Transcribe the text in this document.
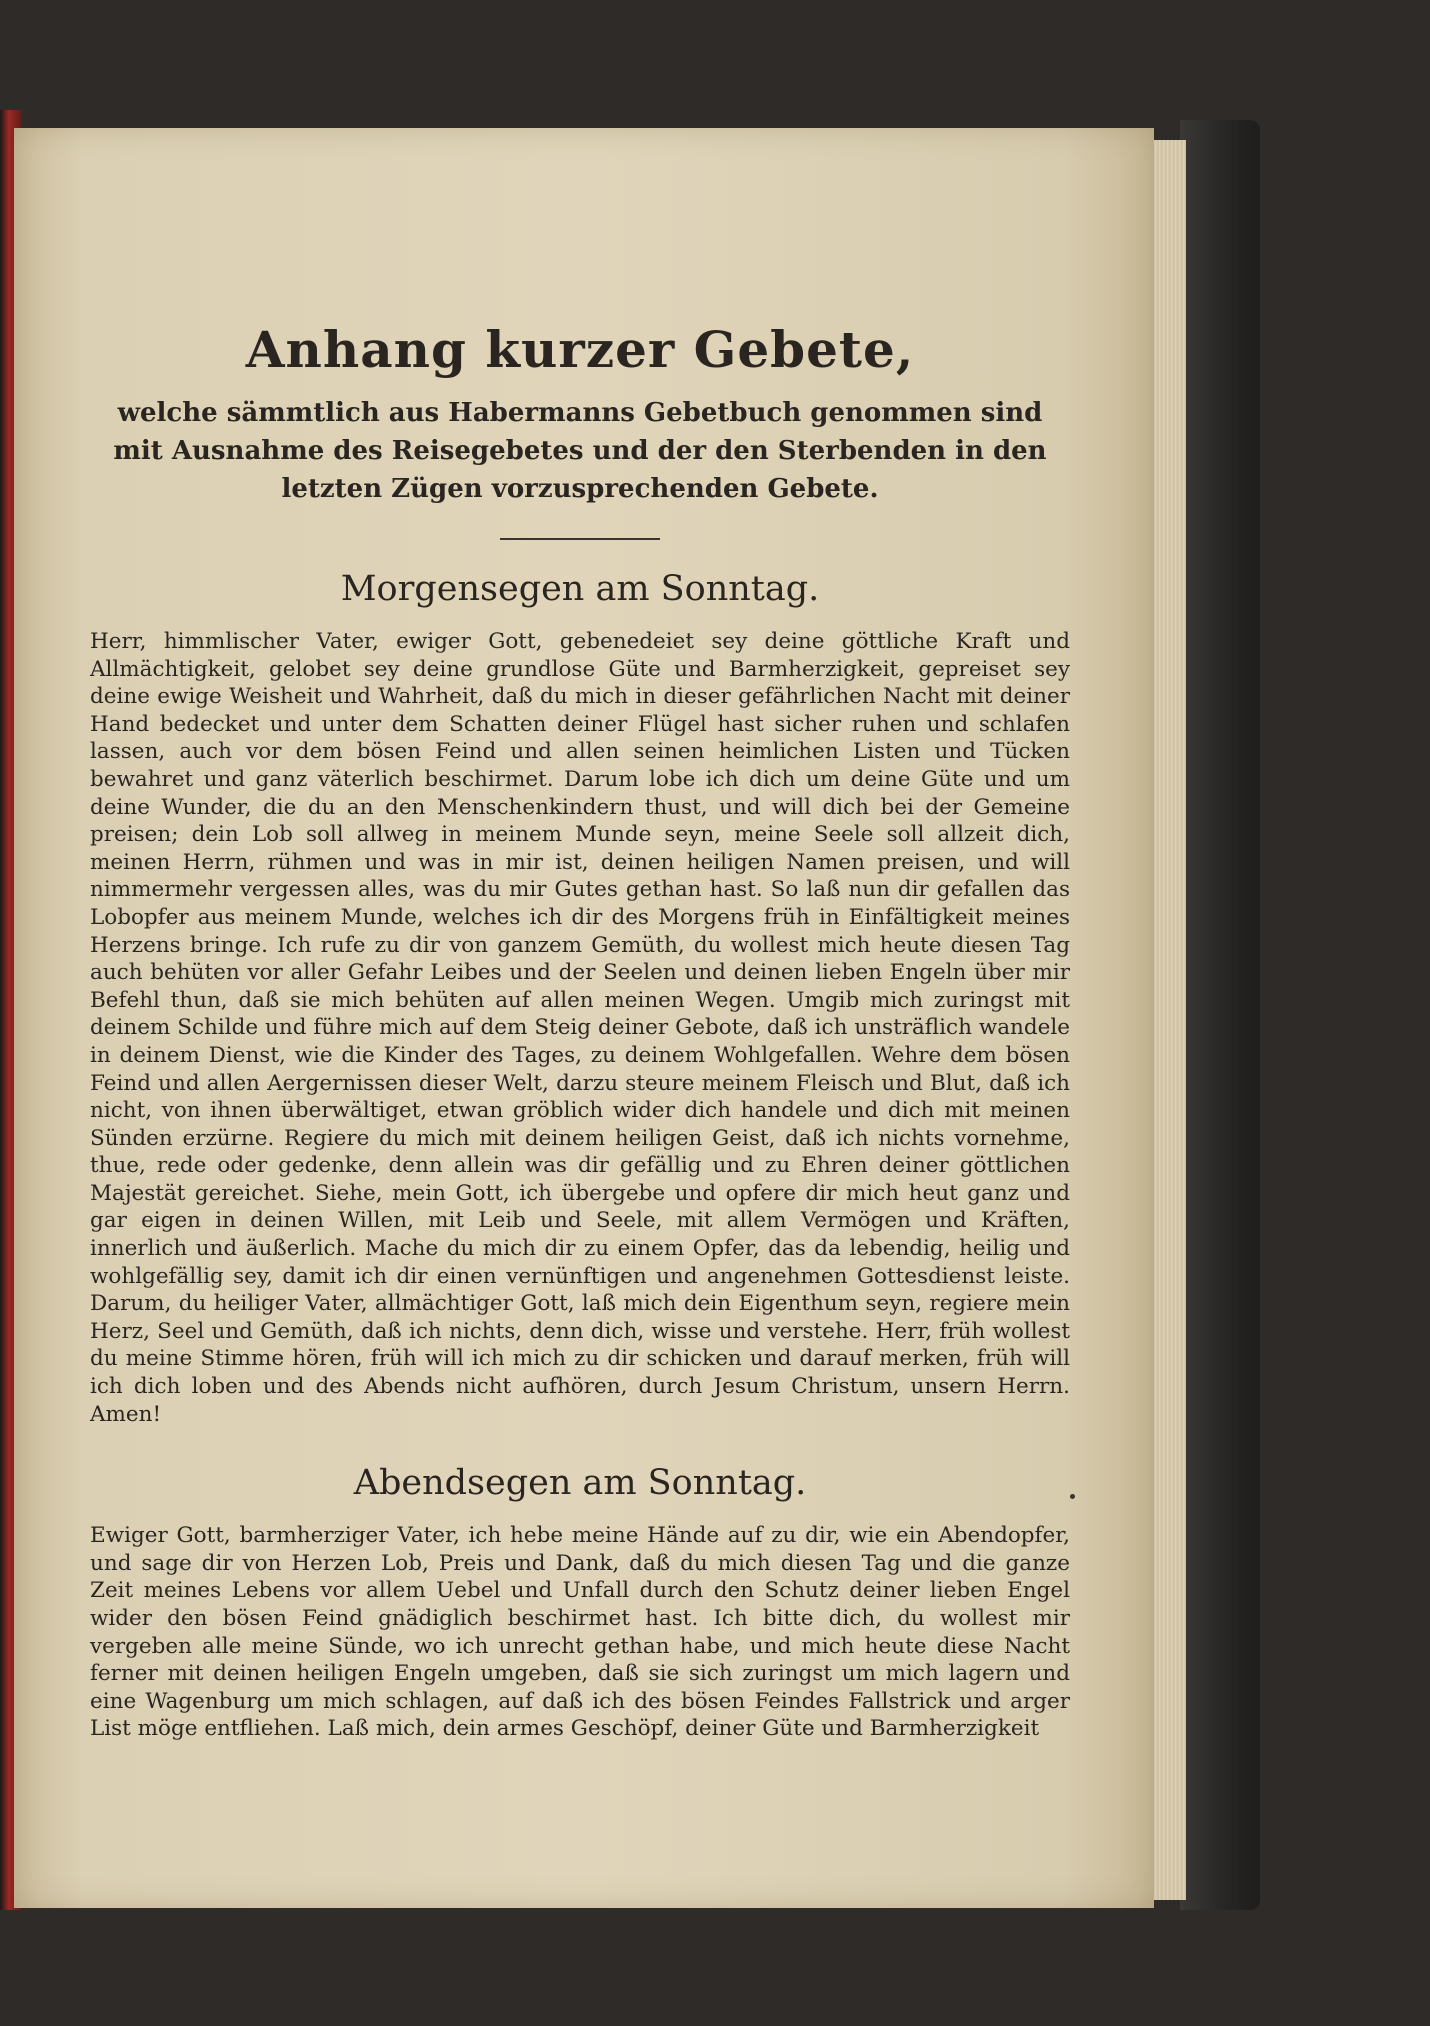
Anhang kurzer Gebete,

welche sämmtlich aus Habermanns Gebetbuch genommen sind mit Ausnahme des Reisegebetes und der den Sterbenden in den letzten Zügen vorzusprechenden Gebete.

Morgensegen am Sonntag.

Herr, himmlischer Vater, ewiger Gott, gebenedeiet sey deine göttliche Kraft und Allmächtigkeit, gelobet sey deine grundlose Güte und Barmherzigkeit, gepreiset sey deine ewige Weisheit und Wahrheit, daß du mich in dieser gefährlichen Nacht mit deiner Hand bedecket und unter dem Schatten deiner Flügel hast sicher ruhen und schlafen lassen, auch vor dem bösen Feind und allen seinen heimlichen Listen und Tücken bewahret und ganz väterlich beschirmet. Darum lobe ich dich um deine Güte und um deine Wunder, die du an den Menschenkindern thust, und will dich bei der Gemeine preisen; dein Lob soll allweg in meinem Munde seyn, meine Seele soll allzeit dich, meinen Herrn, rühmen und was in mir ist, deinen heiligen Namen preisen, und will nimmermehr vergessen alles, was du mir Gutes gethan hast. So laß nun dir gefallen das Lobopfer aus meinem Munde, welches ich dir des Morgens früh in Einfältigkeit meines Herzens bringe. Ich rufe zu dir von ganzem Gemüth, du wollest mich heute diesen Tag auch behüten vor aller Gefahr Leibes und der Seelen und deinen lieben Engeln über mir Befehl thun, daß sie mich behüten auf allen meinen Wegen. Umgib mich zuringst mit deinem Schilde und führe mich auf dem Steig deiner Gebote, daß ich unsträflich wandele in deinem Dienst, wie die Kinder des Tages, zu deinem Wohlgefallen. Wehre dem bösen Feind und allen Aergernissen dieser Welt, darzu steure meinem Fleisch und Blut, daß ich nicht, von ihnen überwältiget, etwan gröblich wider dich handele und dich mit meinen Sünden erzürne. Regiere du mich mit deinem heiligen Geist, daß ich nichts vornehme, thue, rede oder gedenke, denn allein was dir gefällig und zu Ehren deiner göttlichen Majestät gereichet. Siehe, mein Gott, ich übergebe und opfere dir mich heut ganz und gar eigen in deinen Willen, mit Leib und Seele, mit allem Vermögen und Kräften, innerlich und äußerlich. Mache du mich dir zu einem Opfer, das da lebendig, heilig und wohlgefällig sey, damit ich dir einen vernünftigen und angenehmen Gottesdienst leiste. Darum, du heiliger Vater, allmächtiger Gott, laß mich dein Eigenthum seyn, regiere mein Herz, Seel und Gemüth, daß ich nichts, denn dich, wisse und verstehe. Herr, früh wollest du meine Stimme hören, früh will ich mich zu dir schicken und darauf merken, früh will ich dich loben und des Abends nicht aufhören, durch Jesum Christum, unsern Herrn. Amen!

Abendsegen am Sonntag.

Ewiger Gott, barmherziger Vater, ich hebe meine Hände auf zu dir, wie ein Abendopfer, und sage dir von Herzen Lob, Preis und Dank, daß du mich diesen Tag und die ganze Zeit meines Lebens vor allem Uebel und Unfall durch den Schutz deiner lieben Engel wider den bösen Feind gnädiglich beschirmet hast. Ich bitte dich, du wollest mir vergeben alle meine Sünde, wo ich unrecht gethan habe, und mich heute diese Nacht ferner mit deinen heiligen Engeln umgeben, daß sie sich zuringst um mich lagern und eine Wagenburg um mich schlagen, auf daß ich des bösen Feindes Fallstrick und arger List möge entfliehen. Laß mich, dein armes Geschöpf, deiner Güte und Barmherzigkeit
